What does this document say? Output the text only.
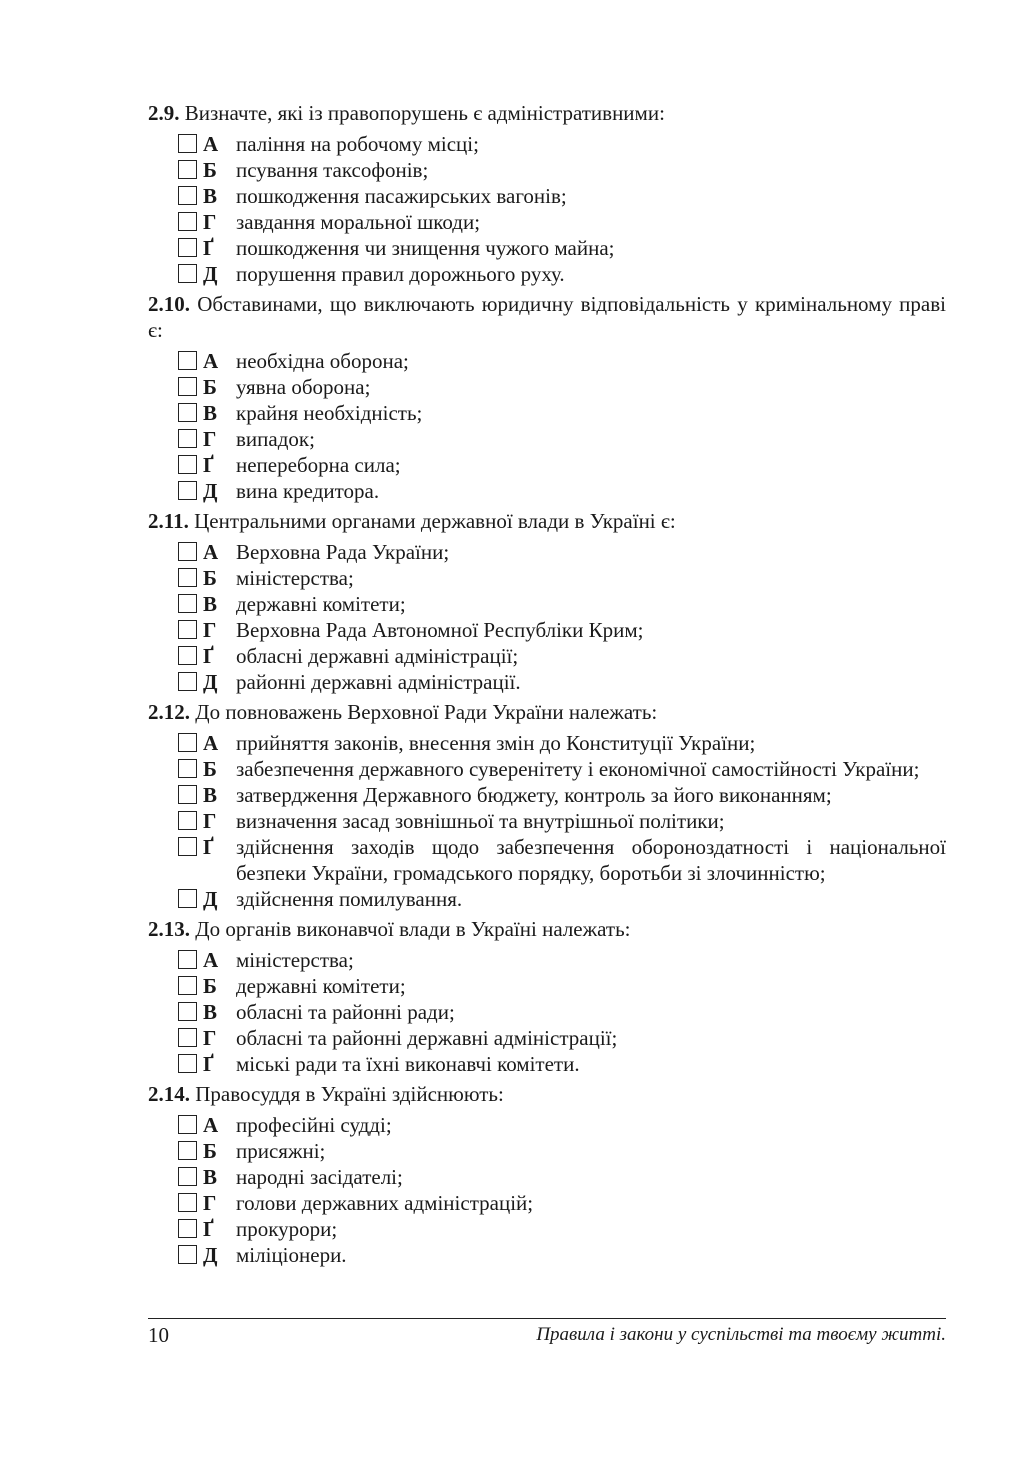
2.9. Визначте, які із правопорушень є адміністративними:

А паління на робочому місці;
Б псування таксофонів;
В пошкодження пасажирських вагонів;
Г завдання моральної шкоди;
Ґ пошкодження чи знищення чужого майна;
Д порушення правил дорожнього руху.

2.10. Обставинами, що виключають юридичну відповідальність у кримінальному праві є:

А необхідна оборона;
Б уявна оборона;
В крайня необхідність;
Г випадок;
Ґ непереборна сила;
Д вина кредитора.

2.11. Центральними органами державної влади в Україні є:

А Верховна Рада України;
Б міністерства;
В державні комітети;
Г Верховна Рада Автономної Республіки Крим;
Ґ обласні державні адміністрації;
Д районні державні адміністрації.

2.12. До повноважень Верховної Ради України належать:

А прийняття законів, внесення змін до Конституції України;
Б забезпечення державного суверенітету і економічної самостійності України;
В затвердження Державного бюджету, контроль за його виконанням;
Г визначення засад зовнішньої та внутрішньої політики;
Ґ здійснення заходів щодо забезпечення обороноздатності і національної безпеки України, громадського порядку, боротьби зі злочинністю;
Д здійснення помилування.

2.13. До органів виконавчої влади в Україні належать:

А міністерства;
Б державні комітети;
В обласні та районні ради;
Г обласні та районні державні адміністрації;
Ґ міські ради та їхні виконавчі комітети.

2.14. Правосуддя в Україні здійснюють:

А професійні судді;
Б присяжні;
В народні засідателі;
Г голови державних адміністрацій;
Ґ прокурори;
Д міліціонери.
10	Правила і закони у суспільстві та твоєму житті.
